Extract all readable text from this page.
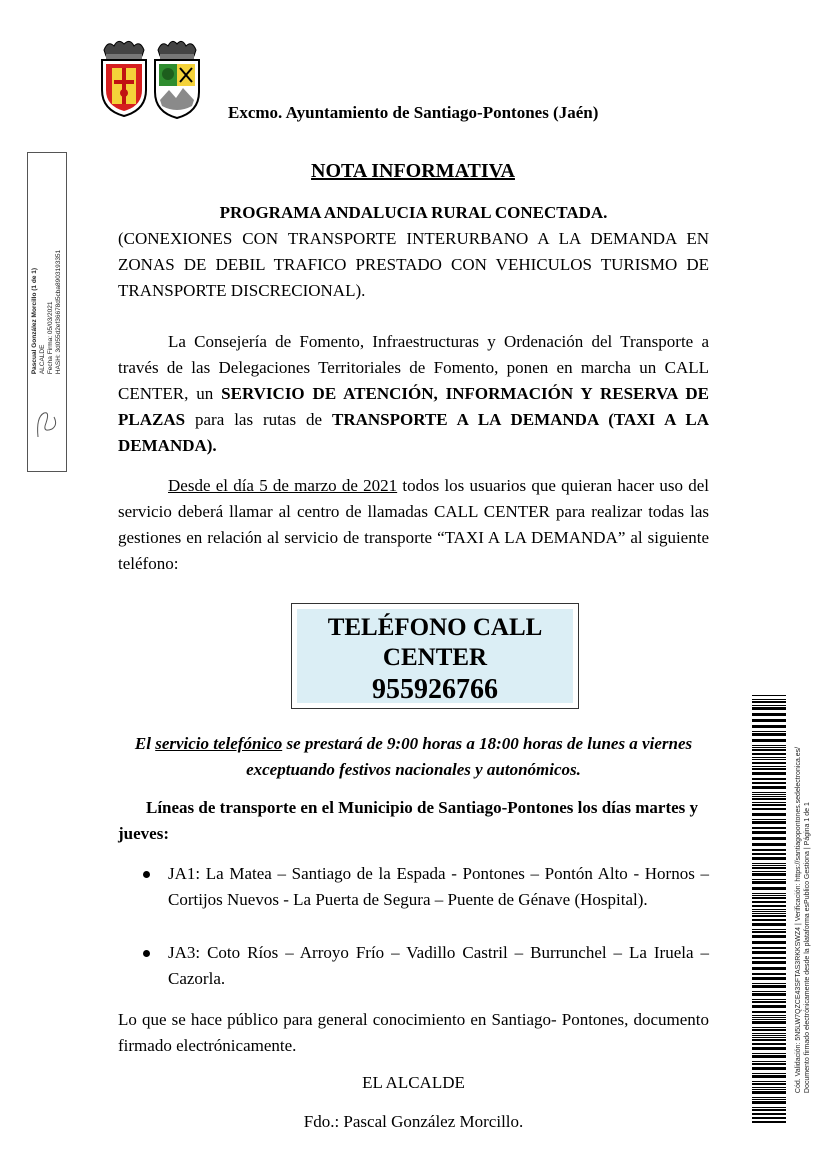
Excmo. Ayuntamiento de Santiago-Pontones (Jaén)
Pascual González Morcillo (1 de 1) ALCALDE Fecha Firma: 05/03/2021 HASH: 3d055d2ef36678d5cba8903193351
NOTA INFORMATIVA
PROGRAMA ANDALUCIA RURAL CONECTADA.
(CONEXIONES CON TRANSPORTE INTERURBANO A LA DEMANDA EN ZONAS DE DEBIL TRAFICO PRESTADO CON VEHICULOS TURISMO DE TRANSPORTE DISCRECIONAL).
La Consejería de Fomento, Infraestructuras y Ordenación del Transporte a través de las Delegaciones Territoriales de Fomento, ponen en marcha un CALL CENTER, un SERVICIO DE ATENCIÓN, INFORMACIÓN Y RESERVA DE PLAZAS para las rutas de TRANSPORTE A LA DEMANDA (TAXI A LA DEMANDA).
Desde el día 5 de marzo de 2021 todos los usuarios que quieran hacer uso del servicio deberá llamar al centro de llamadas CALL CENTER para realizar todas las gestiones en relación al servicio de transporte “TAXI A LA DEMANDA” al siguiente teléfono:
TELÉFONO CALL
CENTER
955926766
El servicio telefónico se prestará de 9:00 horas a 18:00 horas de lunes a viernes exceptuando festivos nacionales y autonómicos.
Líneas de transporte en el Municipio de Santiago-Pontones los días martes y jueves:
JA1: La Matea – Santiago de la Espada - Pontones – Pontón Alto - Hornos – Cortijos Nuevos - La Puerta de Segura – Puente de Génave (Hospital).
JA3: Coto Ríos – Arroyo Frío – Vadillo Castril – Burrunchel – La Iruela – Cazorla.
Lo que se hace público para general conocimiento en Santiago- Pontones, documento firmado electrónicamente.
EL ALCALDE
Fdo.: Pascal González Morcillo.
Cód. Validación: 5N5LW7QZCE43SFTAS3RKKSWZ4 | Verificación: https://santiagopontones.sedelectronica.es/ Documento firmado electrónicamente desde la plataforma esPublico Gestiona | Página 1 de 1
